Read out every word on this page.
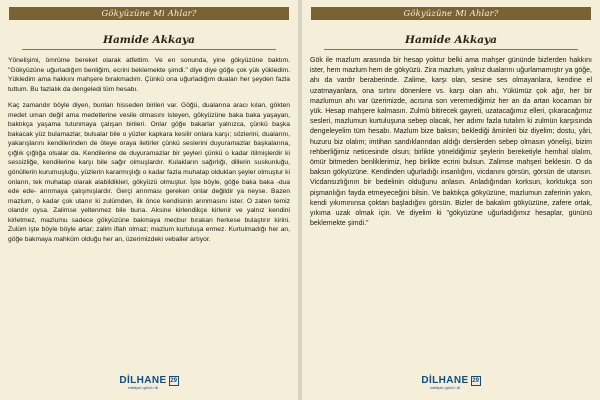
Gökyüzüne Mi Ahlar?
Hamide Akkaya

Yönelişimi, ömrüme bereket olarak atfettim. Ve en sonunda, yine gökyüzüne baktım. "Gökyüzüne uğurladığım benliğim, ecrini beklemekte şimdi." diye diye göğe çok yük yükledim. Yükledim ama hakkını mahşere bırakmadım. Çünkü ona uğurladığım duaları her şeyden fazla tuttum. Bu fazlalık da dengeledi tüm hesabı.

Kaç zamandır böyle diyen, bunları hisseden birileri var. Göğü, dualarına aracı kılan, gökten medet uman değil ama medetlerine vesile olmasını isteyen, gökyüzüne baka baka yaşayan, baktıkça yaşama tutunmaya çalışan birileri. Onlar göğe bakarlar yalnızca, çünkü başka bakacak yüz bulamazlar, bulsalar bile o yüzler kapkara kesilir onlara karşı; sözlerini, dualarını, yakarışlarını kendilerinden de öteye oraya iletirler çünkü seslerini duyuramazlar başkalarına, çığlık çığlığa olsalar da. Kendilerine de duyuramazlar bir şeyleri çünkü o kadar itilmişlerdir ki sessizliğe, kendilerine karşı bile sağır olmuşlardır. Kulakların sağırlığı, dillerin suskunluğu, gönüllerin kurumuşluğu, yüzlerin kararmışlığı o kadar fazla muhatap olduklan şeyler olmuştur ki onların, tek muhatap olarak alabildikleri, gökyüzü olmuştur. İşte böyle, göğe baka baka -dua ede ede- arınmaya çalışmışlardır. Gerçi arınması gereken onlar değildir ya neyse. Bazen mazlum, o kadar çok utanır ki zulümden, ilk önce kendisinin arınmasını ister. O zaten temiz olandır oysa. Zalimse yeltenmez bile buna. Aksine kirlendikçe kirlenir ve yalnız kendini kirletmez, mazlumu sadece gökyüzüne bakmaya mecbur bırakan herkese bulaştırır kirini. Zulüm işte böyle böyle artar; zalim iflah olmaz; mazlum kurtuluşa ermez. Kurtulmadığı her an, göğe bakmaya mahkûm olduğu her an, üzerimizdeki veballer artıyor.

DİLHANE
edebiyat • gönül • dil
29
Gökyüzüne Mi Ahlar?
Hamide Akkaya

Gök ile mazlum arasında bir hesap yoktur belki ama mahşer gününde bizlerden hakkını ister, hem mazlum hem de gökyüzü. Zira mazlum, yalnız dualarını uğurlamamıştır ya göğe, ahı da vardır beraberinde. Zalime, karşı olan, sesine ses olmayanlara, kendine el uzatmayanlara, ona sırtını dönenlere vs. karşı olan ahı. Yükümüz çok ağır, her bir mazlumun ahı var üzerimizde, acısına son veremediğimiz her an da artan kocaman bir yük. Hesap mahşere kalmasın. Zulmü bitirecek gayreti, uzatacağımız elleri, çıkaracağımız sesleri, mazlumun kurtuluşuna sebep olacak, her adımı fazla tutalım ki zulmün karşısında dengeleyelim tüm hesabı. Mazlum bize baksın; beklediği âminleri biz diyelim; dostu, yâri, huzuru biz olalım; imtihan sandıklarından aldığı derslerden sebep olmasın yönelişi, bizim rehberliğimiz neticesinde olsun; birlikte yöneldiğimiz şeylerin bereketiyle hemhal olalım, ömür bitmeden benliklerimiz, hep birlikte ecrini bulsun. Zalimse mahşeri beklesin. O da baksın gökyüzüne. Kendinden uğurladığı insanlığını, vicdanını görsün, görsün de utansın. Vicdansızlığının bir bedelinin olduğunu anlasın. Anladığından korksun, korktukça son pişmanlığın fayda etmeyeceğini bilsin. Ve baktıkça gökyüzüne, mazlumun zaferinin yakın, kendi yıkımınınsa çoktan başladığını görsün. Bizler de bakalım gökyüzüne, zafere ortak, yıkıma uzak olmak için. Ve diyelim ki "gökyüzüne uğurladığımız hesaplar, gününü beklemekte şimdi."

DİLHANE
edebiyat • gönül • dil
29
